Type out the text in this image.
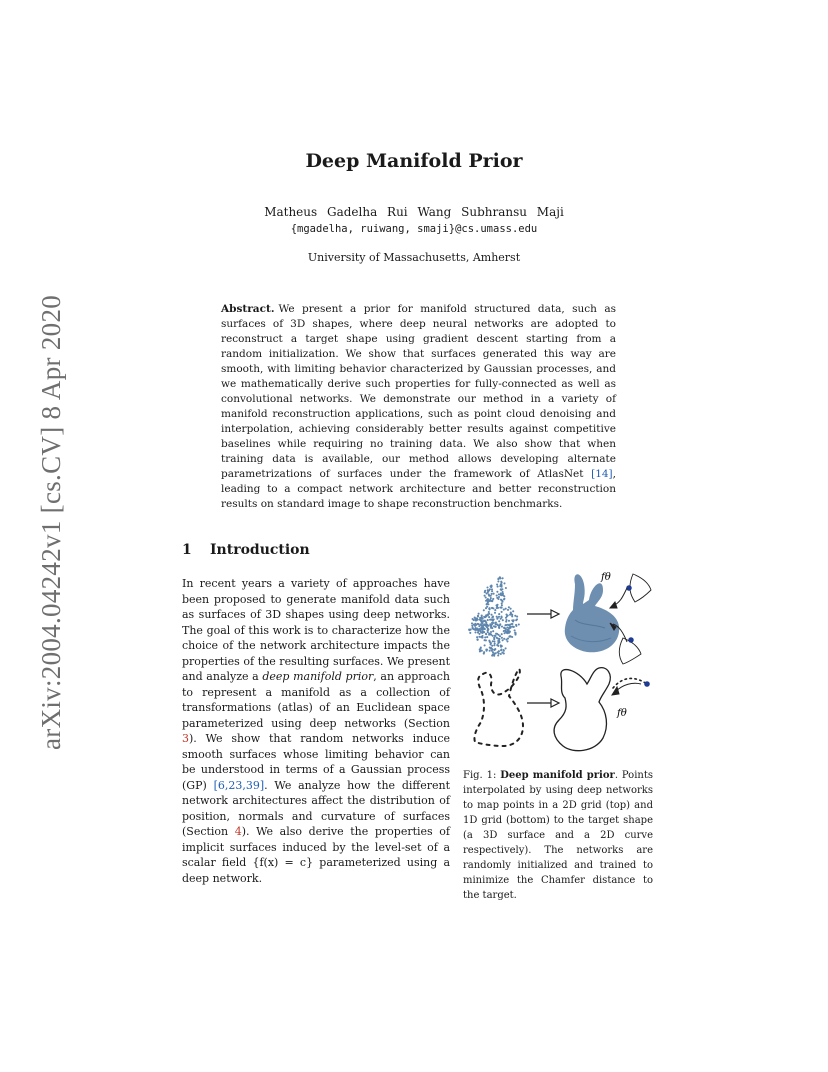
arXiv:2004.04242v1 [cs.CV] 8 Apr 2020
Deep Manifold Prior
Matheus Gadelha Rui Wang Subhransu Maji
{mgadelha, ruiwang, smaji}@cs.umass.edu
University of Massachusetts, Amherst
Abstract. We present a prior for manifold structured data, such as surfaces of 3D shapes, where deep neural networks are adopted to reconstruct a target shape using gradient descent starting from a random initialization. We show that surfaces generated this way are smooth, with limiting behavior characterized by Gaussian processes, and we mathematically derive such properties for fully-connected as well as convolutional networks. We demonstrate our method in a variety of manifold reconstruction applications, such as point cloud denoising and interpolation, achieving considerably better results against competitive baselines while requiring no training data. We also show that when training data is available, our method allows developing alternate parametrizations of surfaces under the framework of AtlasNet [14], leading to a compact network architecture and better reconstruction results on standard image to shape reconstruction benchmarks.
1 Introduction
In recent years a variety of approaches have been proposed to generate manifold data such as surfaces of 3D shapes using deep networks. The goal of this work is to characterize how the choice of the network architecture impacts the properties of the resulting surfaces. We present and analyze a deep manifold prior, an approach to represent a manifold as a collection of transformations (atlas) of an Euclidean space parameterized using deep networks (Section 3). We show that random networks induce smooth surfaces whose limiting behavior can be understood in terms of a Gaussian process (GP) [6,23,39]. We analyze how the different network architectures affect the distribution of position, normals and curvature of surfaces (Section 4). We also derive the properties of implicit surfaces induced by the level-set of a scalar field {f(x) = c} parameterized using a deep network.
fθ
fθ
Fig. 1: Deep manifold prior. Points interpolated by using deep networks to map points in a 2D grid (top) and 1D grid (bottom) to the target shape (a 3D surface and a 2D curve respectively). The networks are randomly initialized and trained to minimize the Chamfer distance to the target.
